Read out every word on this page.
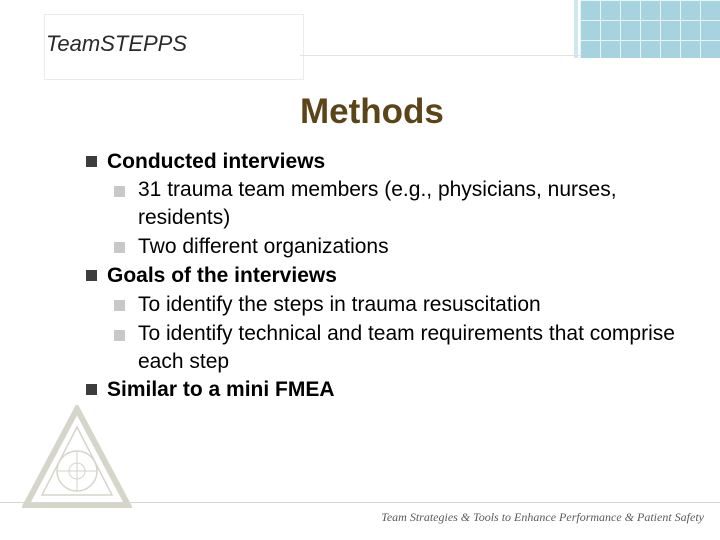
TeamSTEPPS
Methods
Conducted interviews
31 trauma team members (e.g., physicians, nurses, residents)
Two different organizations
Goals of the interviews
To identify the steps in trauma resuscitation
To identify technical and team requirements that comprise each step
Similar to a mini FMEA
Team Strategies & Tools to Enhance Performance & Patient Safety
